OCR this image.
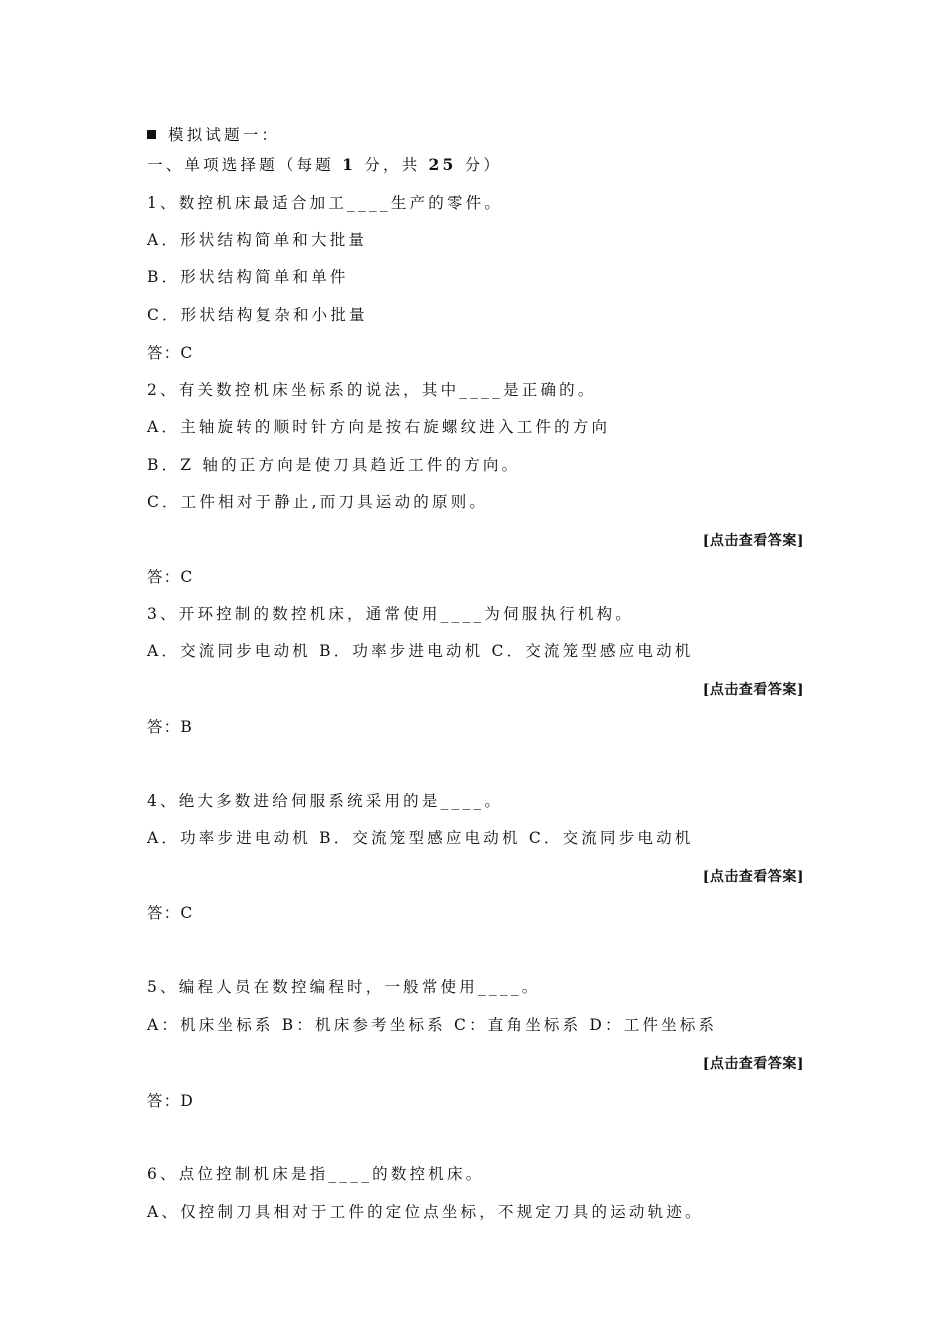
模拟试题一：
一、单项选择题（每题 1 分，共 25 分）
1、数控机床最适合加工____生产的零件。
A．形状结构简单和大批量
B．形状结构简单和单件
C．形状结构复杂和小批量
答：C
2、有关数控机床坐标系的说法，其中____是正确的。
A．主轴旋转的顺时针方向是按右旋螺纹进入工件的方向
B．Z 轴的正方向是使刀具趋近工件的方向。
C．工件相对于静止,而刀具运动的原则。
[点击查看答案]
答：C
3、开环控制的数控机床，通常使用____为伺服执行机构。
A．交流同步电动机 B．功率步进电动机 C．交流笼型感应电动机
[点击查看答案]
答：B
4、绝大多数进给伺服系统采用的是____。
A．功率步进电动机 B．交流笼型感应电动机 C．交流同步电动机
[点击查看答案]
答：C
5、编程人员在数控编程时，一般常使用____。
A：机床坐标系 B：机床参考坐标系 C：直角坐标系 D：工件坐标系
[点击查看答案]
答：D
6、点位控制机床是指____的数控机床。
A、仅控制刀具相对于工件的定位点坐标，不规定刀具的运动轨迹。
